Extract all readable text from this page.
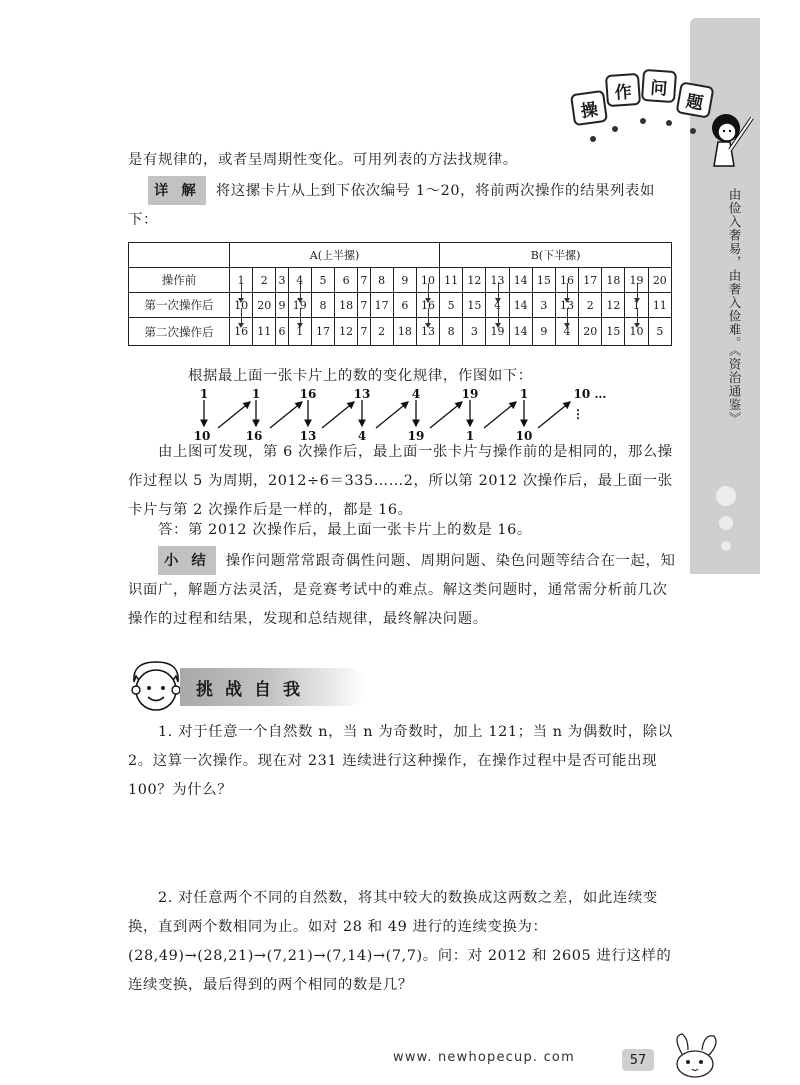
由俭入奢易，由奢入俭难。《资治通鉴》
操
作	问
题
是有规律的，或者呈周期性变化。可用列表的方法找规律。
详 解 将这摞卡片从上到下依次编号 1～20，将前两次操作的结果列表如下：
	A(上半摞)										B(下半摞)									
操作前	1	2	3	4	5	6	7	8	9	10	11	12	13	14	15	16	17	18	19	20
第一次操作后	10	20	9	19	8	18	7	17	6	16	5	15	4	14	3	13	2	12	1	11
第二次操作后	16	11	6	1	17	12	7	2	18	13	8	3	19	14	9	4	20	15	10	5
根据最上面一张卡片上的数的变化规律，作图如下：
1	1	16	13	4	19	1	10 …
10	16	13	4	19	1	10
⋮
由上图可发现，第 6 次操作后，最上面一张卡片与操作前的是相同的，那么操作过程以 5 为周期，2012÷6＝335……2，所以第 2012 次操作后，最上面一张卡片与第 2 次操作后是一样的，都是 16。
答：第 2012 次操作后，最上面一张卡片上的数是 16。
小 结 操作问题常常跟奇偶性问题、周期问题、染色问题等结合在一起，知识面广，解题方法灵活，是竞赛考试中的难点。解这类问题时，通常需分析前几次操作的过程和结果，发现和总结规律，最终解决问题。
挑战自我
1. 对于任意一个自然数 n，当 n 为奇数时，加上 121；当 n 为偶数时，除以 2。这算一次操作。现在对 231 连续进行这种操作，在操作过程中是否可能出现 100？为什么？
2. 对任意两个不同的自然数，将其中较大的数换成这两数之差，如此连续变换，直到两个数相同为止。如对 28 和 49 进行的连续变换为：(28,49)→(28,21)→(7,21)→(7,14)→(7,7)。问：对 2012 和 2605 进行这样的连续变换，最后得到的两个相同的数是几？
www. newhopecup. com	57
